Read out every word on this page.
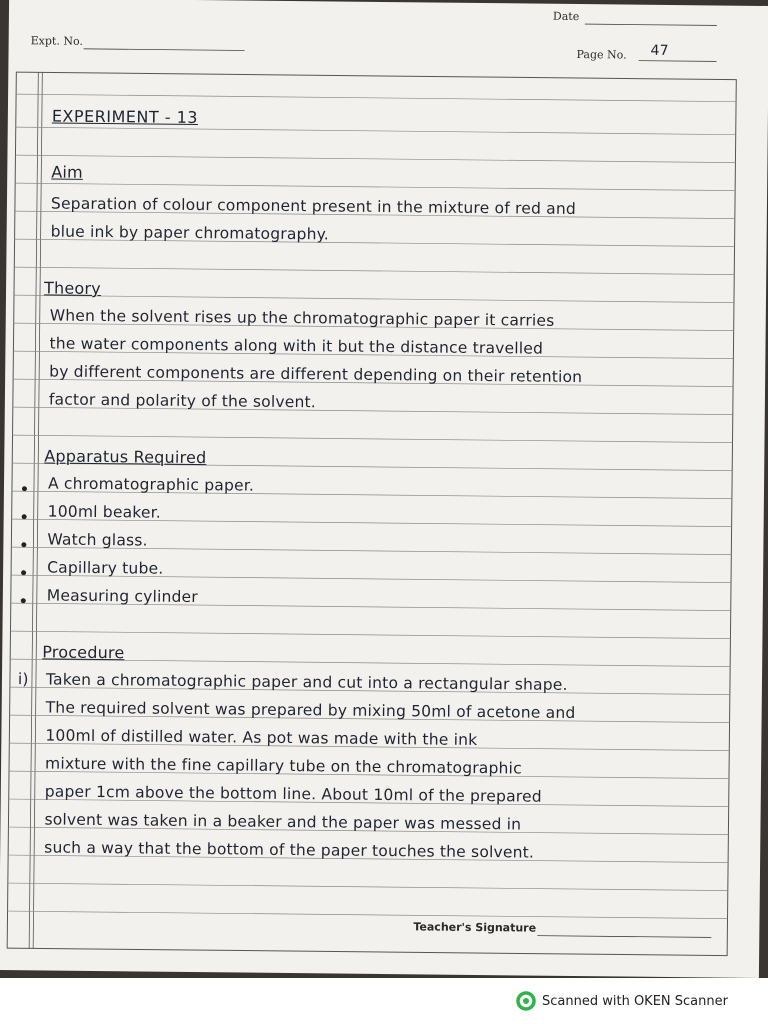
Date
Expt. No.
Page No. 47
EXPERIMENT - 13
Aim
Separation of colour component present in the mixture of red and
blue ink by paper chromatography.
Theory
When the solvent rises up the chromatographic paper it carries
the water components along with it but the distance travelled
by different components are different depending on their retention
factor and polarity of the solvent.
Apparatus Required
A chromatographic paper.
100ml beaker.
Watch glass.
Capillary tube.
Measuring cylinder
Procedure
i) Taken a chromatographic paper and cut into a rectangular shape.
The required solvent was prepared by mixing 50ml of acetone and
100ml of distilled water. As pot was made with the ink
mixture with the fine capillary tube on the chromatographic
paper 1cm above the bottom line. About 10ml of the prepared
solvent was taken in a beaker and the paper was messed in
such a way that the bottom of the paper touches the solvent.
Teacher's Signature
Scanned with OKEN Scanner
